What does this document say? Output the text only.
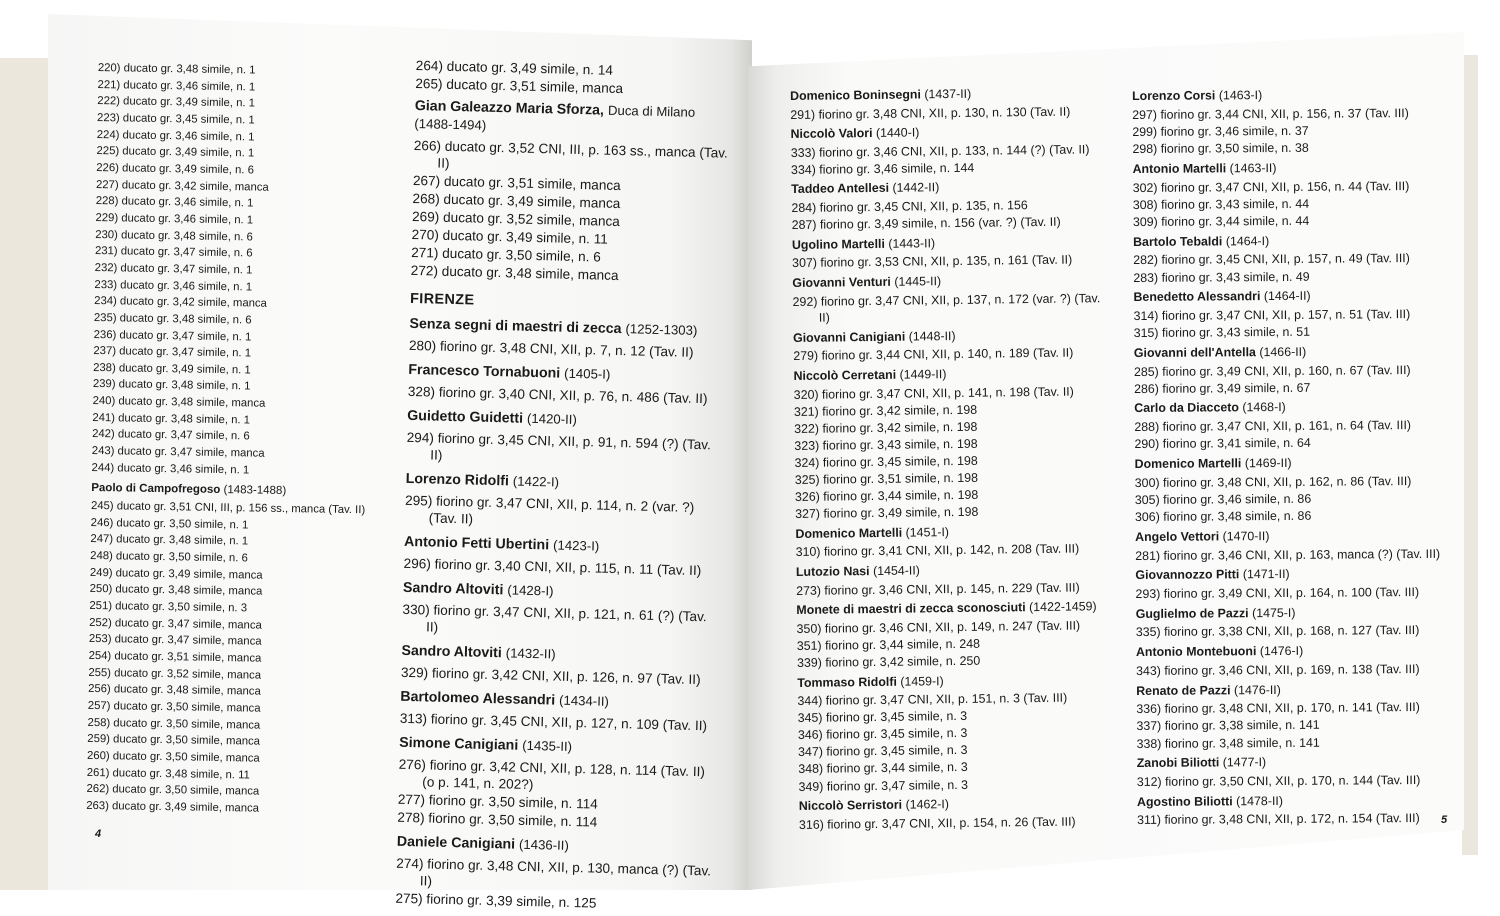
220) ducato gr. 3,48 simile, n. 1
221) ducato gr. 3,46 simile, n. 1
222) ducato gr. 3,49 simile, n. 1
223) ducato gr. 3,45 simile, n. 1
224) ducato gr. 3,46 simile, n. 1
225) ducato gr. 3,49 simile, n. 1
226) ducato gr. 3,49 simile, n. 6
227) ducato gr. 3,42 simile, manca
228) ducato gr. 3,46 simile, n. 1
229) ducato gr. 3,46 simile, n. 1
230) ducato gr. 3,48 simile, n. 6
231) ducato gr. 3,47 simile, n. 6
232) ducato gr. 3,47 simile, n. 1
233) ducato gr. 3,46 simile, n. 1
234) ducato gr. 3,42 simile, manca
235) ducato gr. 3,48 simile, n. 6
236) ducato gr. 3,47 simile, n. 1
237) ducato gr. 3,47 simile, n. 1
238) ducato gr. 3,49 simile, n. 1
239) ducato gr. 3,48 simile, n. 1
240) ducato gr. 3,48 simile, manca
241) ducato gr. 3,48 simile, n. 1
242) ducato gr. 3,47 simile, n. 6
243) ducato gr. 3,47 simile, manca
244) ducato gr. 3,46 simile, n. 1
Paolo di Campofregoso (1483-1488)
245) ducato gr. 3,51 CNI, III, p. 156 ss., manca (Tav. II)
246) ducato gr. 3,50 simile, n. 1
247) ducato gr. 3,48 simile, n. 1
248) ducato gr. 3,50 simile, n. 6
249) ducato gr. 3,49 simile, manca
250) ducato gr. 3,48 simile, manca
251) ducato gr. 3,50 simile, n. 3
252) ducato gr. 3,47 simile, manca
253) ducato gr. 3,47 simile, manca
254) ducato gr. 3,51 simile, manca
255) ducato gr. 3,52 simile, manca
256) ducato gr. 3,48 simile, manca
257) ducato gr. 3,50 simile, manca
258) ducato gr. 3,50 simile, manca
259) ducato gr. 3,50 simile, manca
260) ducato gr. 3,50 simile, manca
261) ducato gr. 3,48 simile, n. 11
262) ducato gr. 3,50 simile, manca
263) ducato gr. 3,49 simile, manca
264) ducato gr. 3,49 simile, n. 14
265) ducato gr. 3,51 simile, manca
Gian Galeazzo Maria Sforza, Duca di Milano (1488-1494)
266) ducato gr. 3,52 CNI, III, p. 163 ss., manca (Tav. II)
267) ducato gr. 3,51 simile, manca
268) ducato gr. 3,49 simile, manca
269) ducato gr. 3,52 simile, manca
270) ducato gr. 3,49 simile, n. 11
271) ducato gr. 3,50 simile, n. 6
272) ducato gr. 3,48 simile, manca
FIRENZE
Senza segni di maestri di zecca (1252-1303)
280) fiorino gr. 3,48 CNI, XII, p. 7, n. 12 (Tav. II)
Francesco Tornabuoni (1405-I)
328) fiorino gr. 3,40 CNI, XII, p. 76, n. 486 (Tav. II)
Guidetto Guidetti (1420-II)
294) fiorino gr. 3,45 CNI, XII, p. 91, n. 594 (?) (Tav. II)
Lorenzo Ridolfi (1422-I)
295) fiorino gr. 3,47 CNI, XII, p. 114, n. 2 (var. ?) (Tav. II)
Antonio Fetti Ubertini (1423-I)
296) fiorino gr. 3,40 CNI, XII, p. 115, n. 11 (Tav. II)
Sandro Altoviti (1428-I)
330) fiorino gr. 3,47 CNI, XII, p. 121, n. 61 (?) (Tav. II)
Sandro Altoviti (1432-II)
329) fiorino gr. 3,42 CNI, XII, p. 126, n. 97 (Tav. II)
Bartolomeo Alessandri (1434-II)
313) fiorino gr. 3,45 CNI, XII, p. 127, n. 109 (Tav. II)
Simone Canigiani (1435-II)
276) fiorino gr. 3,42 CNI, XII, p. 128, n. 114 (Tav. II) (o p. 141, n. 202?)
277) fiorino gr. 3,50 simile, n. 114
278) fiorino gr. 3,50 simile, n. 114
Daniele Canigiani (1436-II)
274) fiorino gr. 3,48 CNI, XII, p. 130, manca (?) (Tav. II)
275) fiorino gr. 3,39 simile, n. 125
Domenico Boninsegni (1437-II)
291) fiorino gr. 3,48 CNI, XII, p. 130, n. 130 (Tav. II)
Niccolò Valori (1440-I)
333) fiorino gr. 3,46 CNI, XII, p. 133, n. 144 (?) (Tav. II)
334) fiorino gr. 3,46 simile, n. 144
Taddeo Antellesi (1442-II)
284) fiorino gr. 3,45 CNI, XII, p. 135, n. 156
287) fiorino gr. 3,49 simile, n. 156 (var. ?) (Tav. II)
Ugolino Martelli (1443-II)
307) fiorino gr. 3,53 CNI, XII, p. 135, n. 161 (Tav. II)
Giovanni Venturi (1445-II)
292) fiorino gr. 3,47 CNI, XII, p. 137, n. 172 (var. ?) (Tav. II)
Giovanni Canigiani (1448-II)
279) fiorino gr. 3,44 CNI, XII, p. 140, n. 189 (Tav. II)
Niccolò Cerretani (1449-II)
320) fiorino gr. 3,47 CNI, XII, p. 141, n. 198 (Tav. II)
321) fiorino gr. 3,42 simile, n. 198
322) fiorino gr. 3,42 simile, n. 198
323) fiorino gr. 3,43 simile, n. 198
324) fiorino gr. 3,45 simile, n. 198
325) fiorino gr. 3,51 simile, n. 198
326) fiorino gr. 3,44 simile, n. 198
327) fiorino gr. 3,49 simile, n. 198
Domenico Martelli (1451-I)
310) fiorino gr. 3,41 CNI, XII, p. 142, n. 208 (Tav. III)
Lutozio Nasi (1454-II)
273) fiorino gr. 3,46 CNI, XII, p. 145, n. 229 (Tav. III)
Monete di maestri di zecca sconosciuti (1422-1459)
350) fiorino gr. 3,46 CNI, XII, p. 149, n. 247 (Tav. III)
351) fiorino gr. 3,44 simile, n. 248
339) fiorino gr. 3,42 simile, n. 250
Tommaso Ridolfi (1459-I)
344) fiorino gr. 3,47 CNI, XII, p. 151, n. 3 (Tav. III)
345) fiorino gr. 3,45 simile, n. 3
346) fiorino gr. 3,45 simile, n. 3
347) fiorino gr. 3,45 simile, n. 3
348) fiorino gr. 3,44 simile, n. 3
349) fiorino gr. 3,47 simile, n. 3
Niccolò Serristori (1462-I)
316) fiorino gr. 3,47 CNI, XII, p. 154, n. 26 (Tav. III)
Lorenzo Corsi (1463-I)
297) fiorino gr. 3,44 CNI, XII, p. 156, n. 37 (Tav. III)
299) fiorino gr. 3,46 simile, n. 37
298) fiorino gr. 3,50 simile, n. 38
Antonio Martelli (1463-II)
302) fiorino gr. 3,47 CNI, XII, p. 156, n. 44 (Tav. III)
308) fiorino gr. 3,43 simile, n. 44
309) fiorino gr. 3,44 simile, n. 44
Bartolo Tebaldi (1464-I)
282) fiorino gr. 3,45 CNI, XII, p. 157, n. 49 (Tav. III)
283) fiorino gr. 3,43 simile, n. 49
Benedetto Alessandri (1464-II)
314) fiorino gr. 3,47 CNI, XII, p. 157, n. 51 (Tav. III)
315) fiorino gr. 3,43 simile, n. 51
Giovanni dell'Antella (1466-II)
285) fiorino gr. 3,49 CNI, XII, p. 160, n. 67 (Tav. III)
286) fiorino gr. 3,49 simile, n. 67
Carlo da Diacceto (1468-I)
288) fiorino gr. 3,47 CNI, XII, p. 161, n. 64 (Tav. III)
290) fiorino gr. 3,41 simile, n. 64
Domenico Martelli (1469-II)
300) fiorino gr. 3,48 CNI, XII, p. 162, n. 86 (Tav. III)
305) fiorino gr. 3,46 simile, n. 86
306) fiorino gr. 3,48 simile, n. 86
Angelo Vettori (1470-II)
281) fiorino gr. 3,46 CNI, XII, p. 163, manca (?) (Tav. III)
Giovannozzo Pitti (1471-II)
293) fiorino gr. 3,49 CNI, XII, p. 164, n. 100 (Tav. III)
Guglielmo de Pazzi (1475-I)
335) fiorino gr. 3,38 CNI, XII, p. 168, n. 127 (Tav. III)
Antonio Montebuoni (1476-I)
343) fiorino gr. 3,46 CNI, XII, p. 169, n. 138 (Tav. III)
Renato de Pazzi (1476-II)
336) fiorino gr. 3,48 CNI, XII, p. 170, n. 141 (Tav. III)
337) fiorino gr. 3,38 simile, n. 141
338) fiorino gr. 3,48 simile, n. 141
Zanobi Biliotti (1477-I)
312) fiorino gr. 3,50 CNI, XII, p. 170, n. 144 (Tav. III)
Agostino Biliotti (1478-II)
311) fiorino gr. 3,48 CNI, XII, p. 172, n. 154 (Tav. III)
4
5
